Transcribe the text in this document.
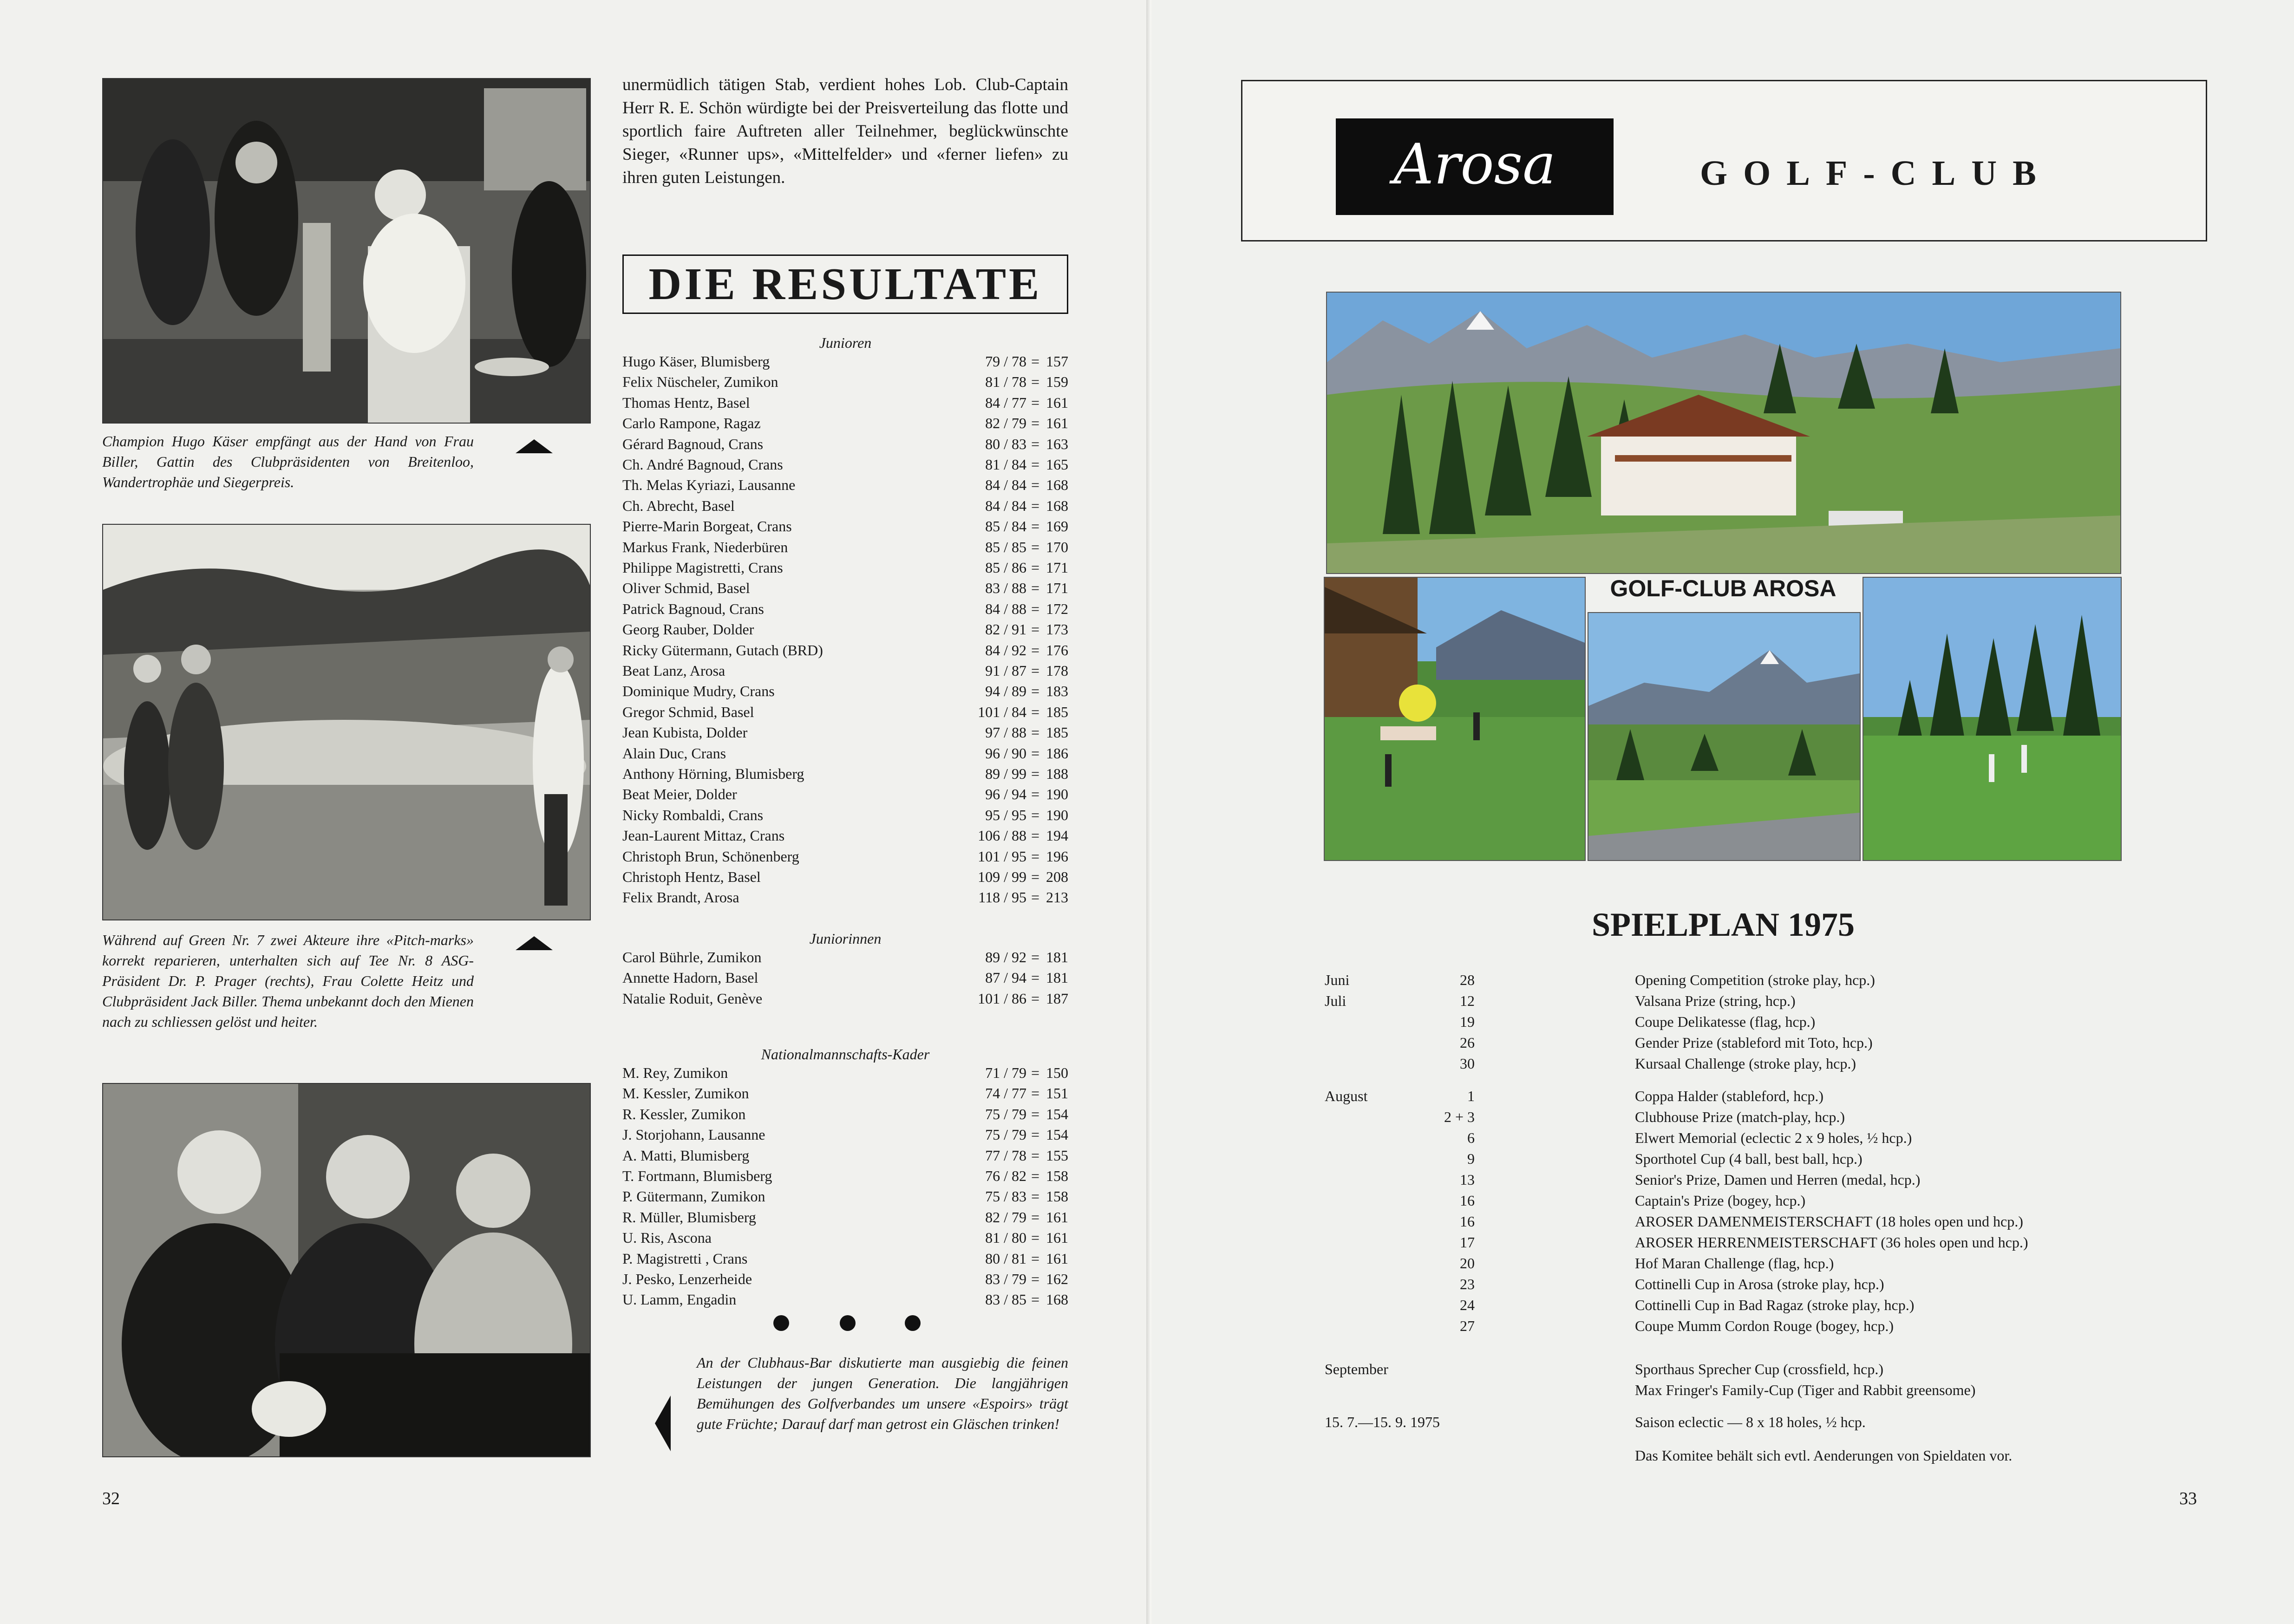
Champion Hugo Käser empfängt aus der Hand von Frau Biller, Gattin des Clubpräsidenten von Breitenloo, Wandertrophäe und Siegerpreis.
Während auf Green Nr. 7 zwei Akteure ihre «Pitch-marks» korrekt reparieren, unterhalten sich auf Tee Nr. 8 ASG-Präsident Dr. P. Prager (rechts), Frau Colette Heitz und Clubpräsident Jack Biller. Thema unbekannt doch den Mienen nach zu schliessen gelöst und heiter.
An der Clubhaus-Bar diskutierte man ausgiebig die feinen Leistungen der jungen Generation. Die langjährigen Bemühungen des Golfverbandes um unsere «Espoirs» trägt gute Früchte; Darauf darf man getrost ein Gläschen trinken!
unermüdlich tätigen Stab, verdient hohes Lob. Club-Captain Herr R. E. Schön würdigte bei der Preisverteilung das flotte und sportlich faire Auftreten aller Teilnehmer, beglückwünschte Sieger, «Runner ups», «Mittelfelder» und «ferner liefen» zu ihren guten Leistungen.
DIE RESULTATE
Junioren
Hugo Käser, Blumisberg	79 / 78 = 157
Felix Nüscheler, Zumikon	81 / 78 = 159
Thomas Hentz, Basel	84 / 77 = 161
Carlo Rampone, Ragaz	82 / 79 = 161
Gérard Bagnoud, Crans	80 / 83 = 163
Ch. André Bagnoud, Crans	81 / 84 = 165
Th. Melas Kyriazi, Lausanne	84 / 84 = 168
Ch. Abrecht, Basel	84 / 84 = 168
Pierre-Marin Borgeat, Crans	85 / 84 = 169
Markus Frank, Niederbüren	85 / 85 = 170
Philippe Magistretti, Crans	85 / 86 = 171
Oliver Schmid, Basel	83 / 88 = 171
Patrick Bagnoud, Crans	84 / 88 = 172
Georg Rauber, Dolder	82 / 91 = 173
Ricky Gütermann, Gutach (BRD)	84 / 92 = 176
Beat Lanz, Arosa	91 / 87 = 178
Dominique Mudry, Crans	94 / 89 = 183
Gregor Schmid, Basel	101 / 84 = 185
Jean Kubista, Dolder	97 / 88 = 185
Alain Duc, Crans	96 / 90 = 186
Anthony Hörning, Blumisberg	89 / 99 = 188
Beat Meier, Dolder	96 / 94 = 190
Nicky Rombaldi, Crans	95 / 95 = 190
Jean-Laurent Mittaz, Crans	106 / 88 = 194
Christoph Brun, Schönenberg	101 / 95 = 196
Christoph Hentz, Basel	109 / 99 = 208
Felix Brandt, Arosa	118 / 95 = 213
Juniorinnen
Carol Bührle, Zumikon	89 / 92 = 181
Annette Hadorn, Basel	87 / 94 = 181
Natalie Roduit, Genève	101 / 86 = 187
Nationalmannschafts-Kader
M. Rey, Zumikon	71 / 79 = 150
M. Kessler, Zumikon	74 / 77 = 151
R. Kessler, Zumikon	75 / 79 = 154
J. Storjohann, Lausanne	75 / 79 = 154
A. Matti, Blumisberg	77 / 78 = 155
T. Fortmann, Blumisberg	76 / 82 = 158
P. Gütermann, Zumikon	75 / 83 = 158
R. Müller, Blumisberg	82 / 79 = 161
U. Ris, Ascona	81 / 80 = 161
P. Magistretti , Crans	80 / 81 = 161
J. Pesko, Lenzerheide	83 / 79 = 162
U. Lamm, Engadin	83 / 85 = 168
32
Arosa	GOLF-CLUB
GOLF-CLUB AROSA
SPIELPLAN 1975
Juni	28	Opening Competition (stroke play, hcp.)
Juli	12	Valsana Prize (string, hcp.)
19	Coupe Delikatesse (flag, hcp.)
26	Gender Prize (stableford mit Toto, hcp.)
30	Kursaal Challenge (stroke play, hcp.)
August	1	Coppa Halder (stableford, hcp.)
2 + 3	Clubhouse Prize (match-play, hcp.)
6	Elwert Memorial (eclectic 2 x 9 holes, ½ hcp.)
9	Sporthotel Cup (4 ball, best ball, hcp.)
13	Senior's Prize, Damen und Herren (medal, hcp.)
16	Captain's Prize (bogey, hcp.)
16	AROSER DAMENMEISTERSCHAFT (18 holes open und hcp.)
17	AROSER HERRENMEISTERSCHAFT (36 holes open und hcp.)
20	Hof Maran Challenge (flag, hcp.)
23	Cottinelli Cup in Arosa (stroke play, hcp.)
24	Cottinelli Cup in Bad Ragaz (stroke play, hcp.)
27	Coupe Mumm Cordon Rouge (bogey, hcp.)
September	Sporthaus Sprecher Cup (crossfield, hcp.)
Max Fringer's Family-Cup (Tiger and Rabbit greensome)
15. 7.—15. 9. 1975	Saison eclectic — 8 x 18 holes, ½ hcp.
Das Komitee behält sich evtl. Aenderungen von Spieldaten vor.
33
